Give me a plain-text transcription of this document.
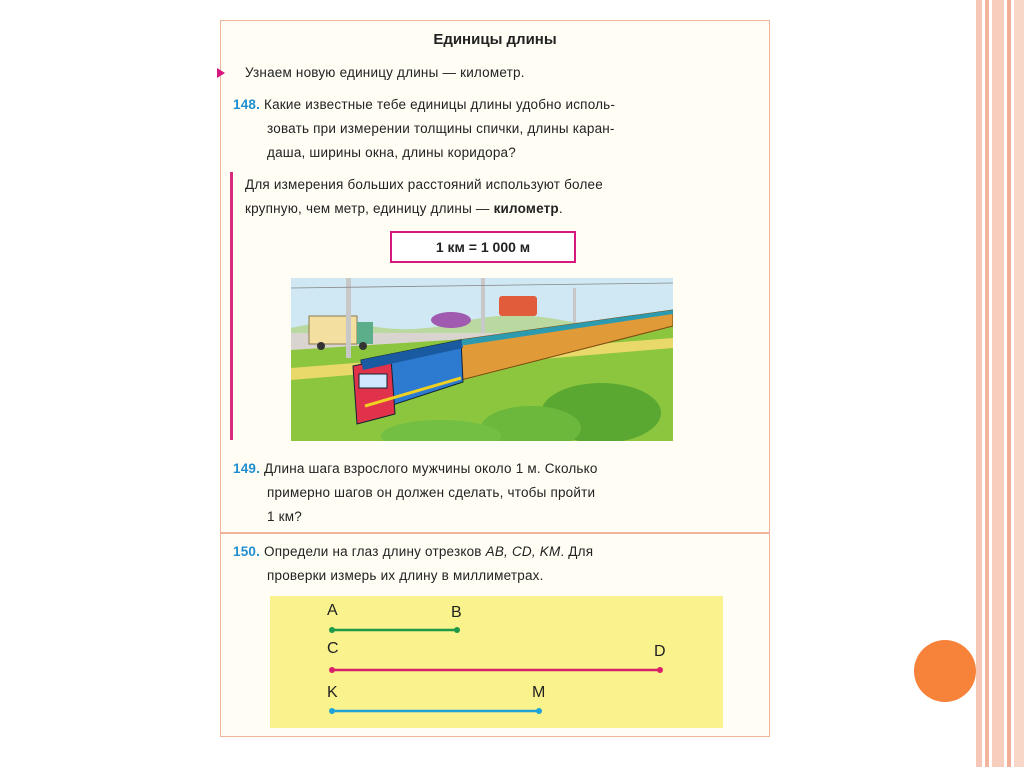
Единицы длины
Узнаем новую единицу длины — километр.
148. Какие известные тебе единицы длины удобно исполь-
зовать при измерении толщины спички, длины каран-
даша, ширины окна, длины коридора?
Для измерения больших расстояний используют более
крупную, чем метр, единицу длины — километр.
1 км = 1 000 м
149. Длина шага взрослого мужчины около 1 м. Сколько
примерно шагов он должен сделать, чтобы пройти
1 км?
150. Определи на глаз длину отрезков AB, CD, KM. Для
проверки измерь их длину в миллиметрах.
A	B
C	D
K	M
